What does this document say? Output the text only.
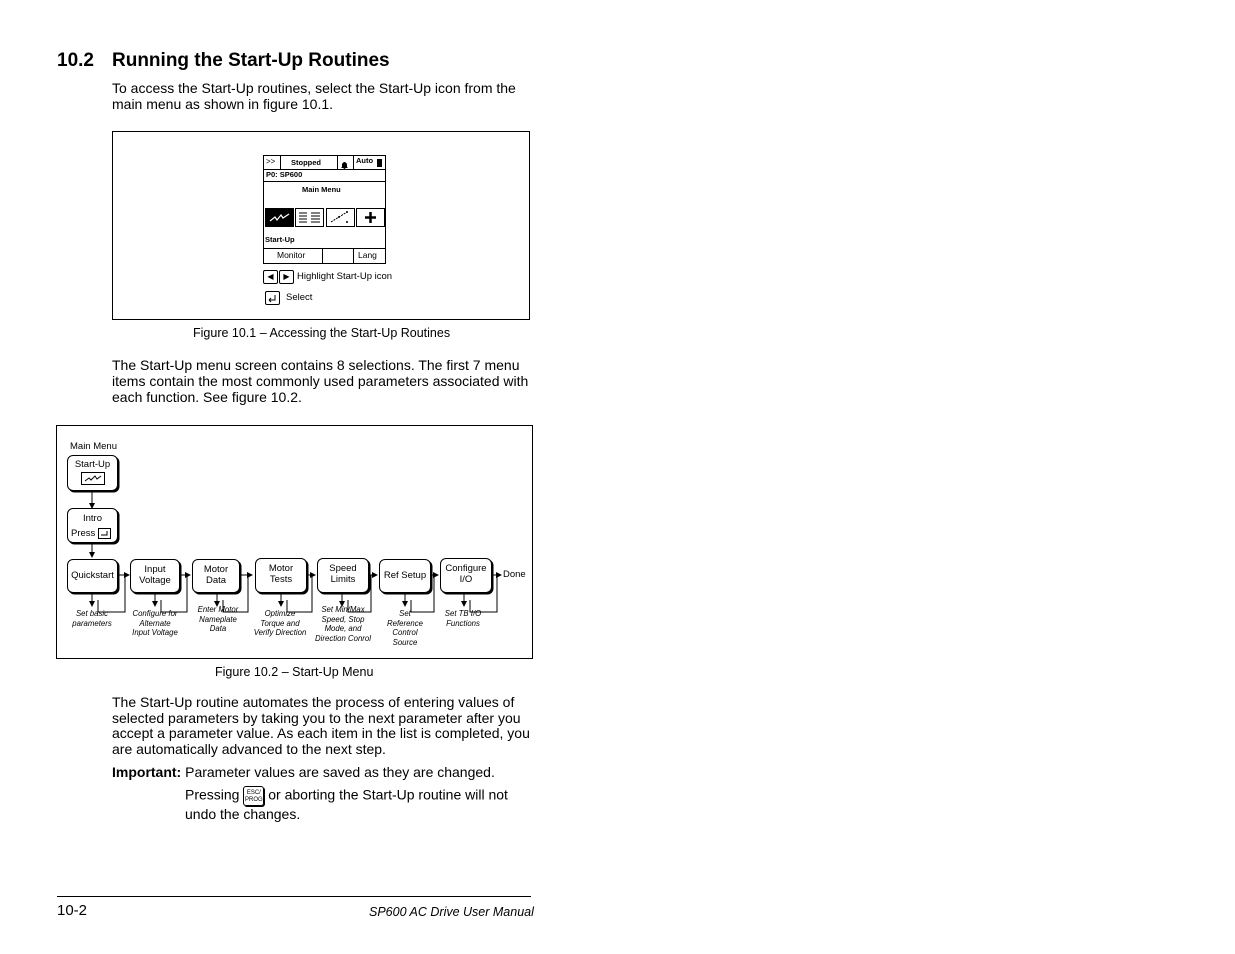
10.2 Running the Start-Up Routines
To access the Start-Up routines, select the Start-Up icon from the main menu as shown in figure 10.1.
>> Stopped	Auto
P0: SP600
Main Menu
Start-Up
Monitor	Lang
◀	▶ Highlight Start-Up icon
Select
Figure 10.1 – Accessing the Start-Up Routines
The Start-Up menu screen contains 8 selections. The first 7 menu items contain the most commonly used parameters associated with each function. See figure 10.2.
Main Menu
Start-Up
Intro
Press
Quickstart
Input
Voltage
Motor
Data
Motor
Tests
Speed
Limits	Ref Setup
Configure
I/O	Done
Set basic
parameters
Configure for
Alternate
Input Voltage
Enter Motor
Nameplate
Data
Optimize
Torque and
Verify Direction
Set Min/Max
Speed, Stop
Mode, and
Direction Conrol
Set
Reference
Control
Source
Set TB I/O
Functions
Figure 10.2 – Start-Up Menu
The Start-Up routine automates the process of entering values of selected parameters by taking you to the next parameter after you accept a parameter value. As each item in the list is completed, you are automatically advanced to the next step.
Important: Parameter values are saved as they are changed.
Pressing ESC/
PROG or aborting the Start-Up routine will not
undo the changes.
10-2	SP600 AC Drive User Manual
